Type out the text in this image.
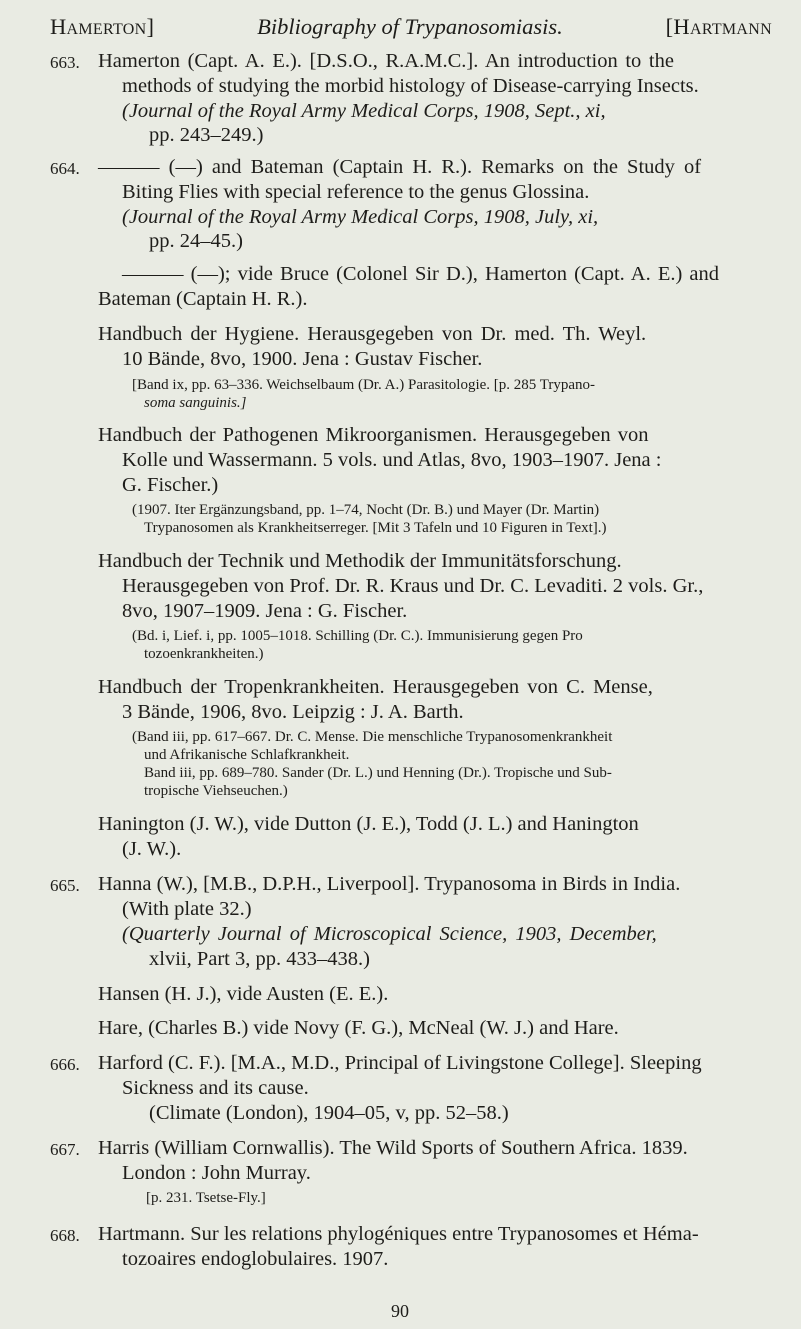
Hamerton]	Bibliography of Trypanosomiasis.	[Hartmann
663. Hamerton (Capt. A. E.). [D.S.O., R.A.M.C.]. An introduction to the
methods of studying the morbid histology of Disease-carrying Insects.
(Journal of the Royal Army Medical Corps, 1908, Sept., xi,
pp. 243–249.)
664. ——— (—) and Bateman (Captain H. R.). Remarks on the Study of
Biting Flies with special reference to the genus Glossina.
(Journal of the Royal Army Medical Corps, 1908, July, xi,
pp. 24–45.)
——— (—); vide Bruce (Colonel Sir D.), Hamerton (Capt. A. E.) and
Bateman (Captain H. R.).
Handbuch der Hygiene. Herausgegeben von Dr. med. Th. Weyl.
10 Bände, 8vo, 1900. Jena : Gustav Fischer.
[Band ix, pp. 63–336. Weichselbaum (Dr. A.) Parasitologie. [p. 285 Trypano-
soma sanguinis.]
Handbuch der Pathogenen Mikroorganismen. Herausgegeben von
Kolle und Wassermann. 5 vols. und Atlas, 8vo, 1903–1907. Jena :
G. Fischer.)
(1907. Iter Ergänzungsband, pp. 1–74, Nocht (Dr. B.) und Mayer (Dr. Martin)
Trypanosomen als Krankheitserreger. [Mit 3 Tafeln und 10 Figuren in Text].)
Handbuch der Technik und Methodik der Immunitätsforschung.
Herausgegeben von Prof. Dr. R. Kraus und Dr. C. Levaditi. 2 vols. Gr.,
8vo, 1907–1909. Jena : G. Fischer.
(Bd. i, Lief. i, pp. 1005–1018. Schilling (Dr. C.). Immunisierung gegen Pro
tozoenkrankheiten.)
Handbuch der Tropenkrankheiten. Herausgegeben von C. Mense,
3 Bände, 1906, 8vo. Leipzig : J. A. Barth.
(Band iii, pp. 617–667. Dr. C. Mense. Die menschliche Trypanosomenkrankheit
und Afrikanische Schlafkrankheit.
Band iii, pp. 689–780. Sander (Dr. L.) und Henning (Dr.). Tropische und Sub-
tropische Viehseuchen.)
Hanington (J. W.), vide Dutton (J. E.), Todd (J. L.) and Hanington
(J. W.).
665. Hanna (W.), [M.B., D.P.H., Liverpool]. Trypanosoma in Birds in India.
(With plate 32.)
(Quarterly Journal of Microscopical Science, 1903, December,
xlvii, Part 3, pp. 433–438.)
Hansen (H. J.), vide Austen (E. E.).
Hare, (Charles B.) vide Novy (F. G.), McNeal (W. J.) and Hare.
666. Harford (C. F.). [M.A., M.D., Principal of Livingstone College]. Sleeping
Sickness and its cause.
(Climate (London), 1904–05, v, pp. 52–58.)
667. Harris (William Cornwallis). The Wild Sports of Southern Africa. 1839.
London : John Murray.
[p. 231. Tsetse-Fly.]
668. Hartmann. Sur les relations phylogéniques entre Trypanosomes et Héma-
tozoaires endoglobulaires. 1907.
90
